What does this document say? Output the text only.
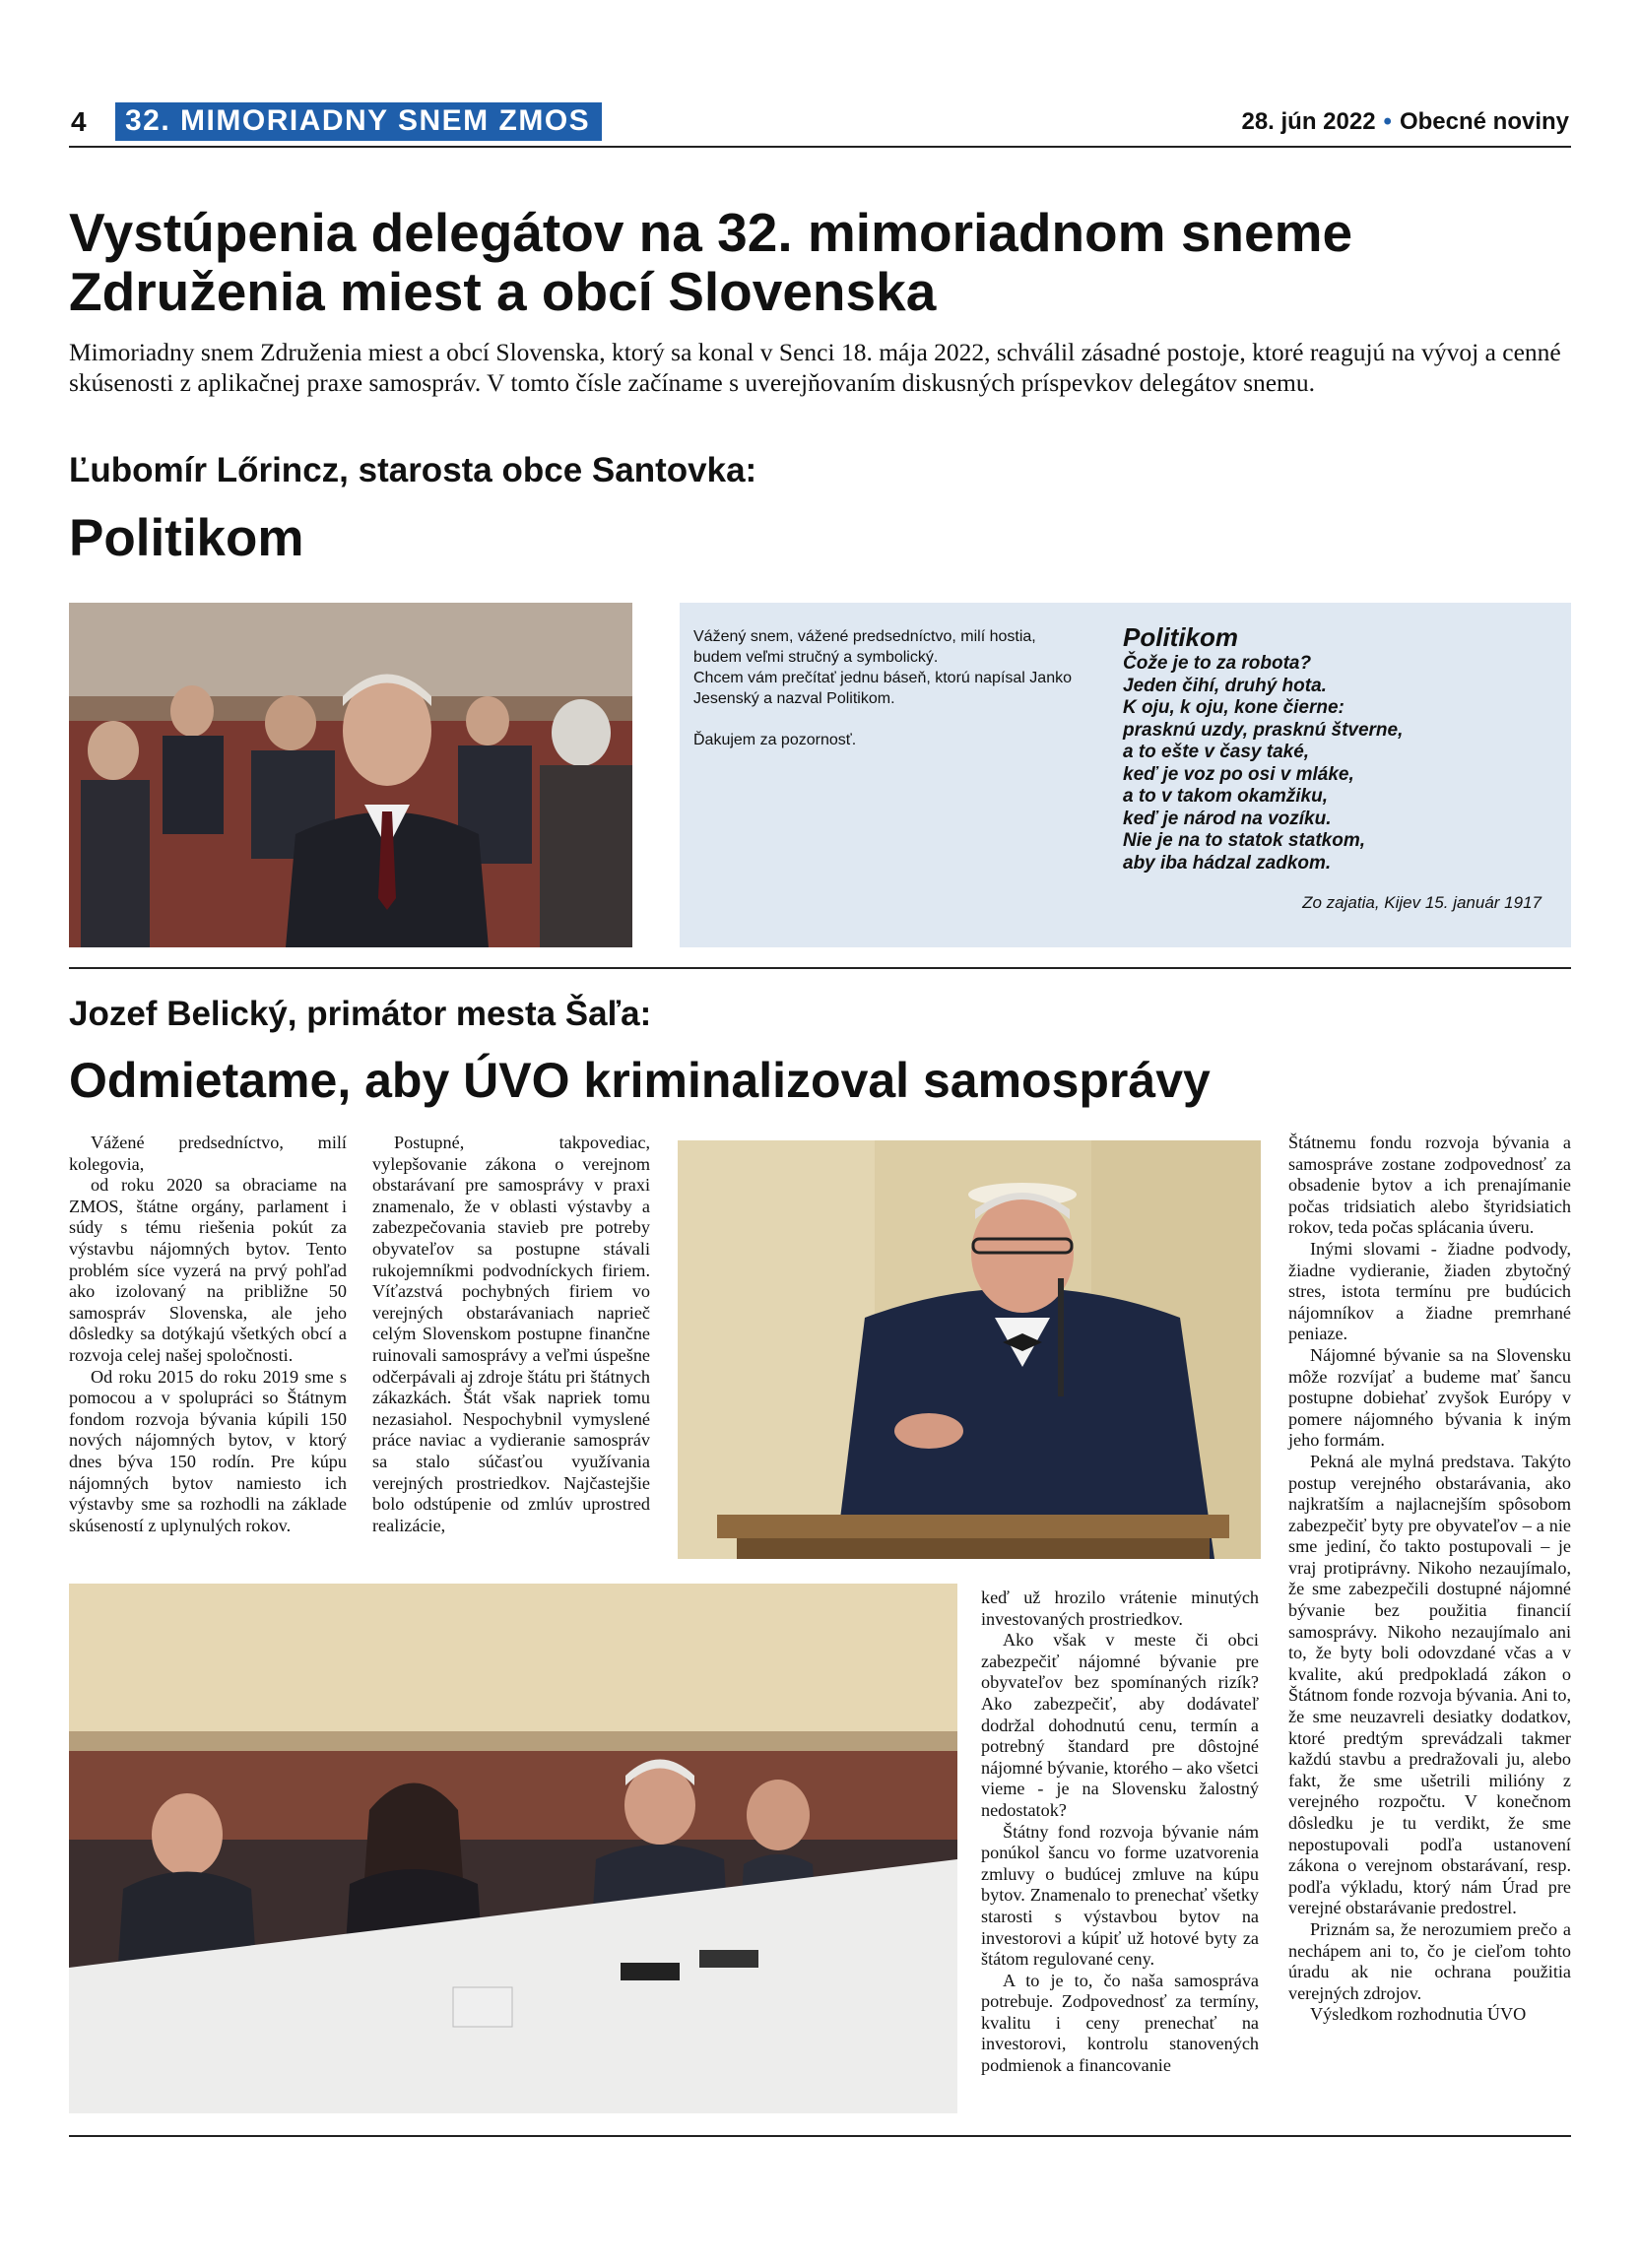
4	32. MIMORIADNY SNEM ZMOS	28. jún 2022 • Obecné noviny
Vystúpenia delegátov na 32. mimoriadnom sneme Združenia miest a obcí Slovenska
Mimoriadny snem Združenia miest a obcí Slovenska, ktorý sa konal v Senci 18. mája 2022, schválil zásadné postoje, ktoré reagujú na vývoj a cenné skúsenosti z aplikačnej praxe samospráv. V tomto čísle začíname s uverejňovaním diskusných príspevkov delegátov snemu.
Ľubomír Lőrincz, starosta obce Santovka:
Politikom
Vážený snem, vážené predsedníctvo, milí hostia,
budem veľmi stručný a symbolický.
Chcem vám prečítať jednu báseň, ktorú napísal Janko Jesenský a nazval Politikom.
Ďakujem za pozornosť.
Politikom
Čože je to za robota?
Jeden čihí, druhý hota.
K oju, k oju, kone čierne:
prasknú uzdy, prasknú štverne,
a to ešte v časy také,
keď je voz po osi v mláke,
a to v takom okamžiku,
keď je národ na vozíku.
Nie je na to statok statkom,
aby iba hádzal zadkom.
Zo zajatia, Kijev 15. január 1917
Jozef Belický, primátor mesta Šaľa:
Odmietame, aby ÚVO kriminalizoval samosprávy

Vážené predsedníctvo, milí kolegovia,

od roku 2020 sa obraciame na ZMOS, štátne orgány, parlament i súdy s tému riešenia pokút za výstavbu nájomných bytov. Tento problém síce vyzerá na prvý pohľad ako izolovaný na približne 50 samospráv Slovenska, ale jeho dôsledky sa dotýkajú všetkých obcí a rozvoja celej našej spoločnosti.

Od roku 2015 do roku 2019 sme s pomocou a v spolupráci so Štátnym fondom rozvoja bývania kúpili 150 nových nájomných bytov, v ktorý dnes býva 150 rodín. Pre kúpu nájomných bytov namiesto ich výstavby sme sa rozhodli na základe skúseností z uplynulých rokov.

Postupné, takpovediac, vylepšovanie zákona o verejnom obstarávaní pre samosprávy v praxi znamenalo, že v oblasti výstavby a zabezpečovania stavieb pre potreby obyvateľov sa postupne stávali rukojemníkmi podvodníckych firiem. Víťazstvá pochybných firiem vo verejných obstarávaniach naprieč celým Slovenskom postupne finančne ruinovali samosprávy a veľmi úspešne odčerpávali aj zdroje štátu pri štátnych zákazkách. Štát však napriek tomu nezasiahol. Nespochybnil vymyslené práce naviac a vydieranie samospráv sa stalo súčasťou využívania verejných prostriedkov. Najčastejšie bolo odstúpenie od zmlúv uprostred realizácie,

keď už hrozilo vrátenie minutých investovaných prostriedkov.

Ako však v meste či obci zabezpečiť nájomné bývanie pre obyvateľov bez spomínaných rizík? Ako zabezpečiť, aby dodávateľ dodržal dohodnutú cenu, termín a potrebný štandard pre dôstojné nájomné bývanie, ktorého – ako všetci vieme - je na Slovensku žalostný nedostatok?

Štátny fond rozvoja bývanie nám ponúkol šancu vo forme uzatvorenia zmluvy o budúcej zmluve na kúpu bytov. Znamenalo to prenechať všetky starosti s výstavbou bytov na investorovi a kúpiť už hotové byty za štátom regulované ceny.

A to je to, čo naša samospráva potrebuje. Zodpovednosť za termíny, kvalitu i ceny prenechať na investorovi, kontrolu stanovených podmienok a financovanie

Štátnemu fondu rozvoja bývania a samospráve zostane zodpovednosť za obsadenie bytov a ich prenajímanie počas tridsiatich alebo štyridsiatich rokov, teda počas splácania úveru.

Inými slovami - žiadne podvody, žiadne vydieranie, žiaden zbytočný stres, istota termínu pre budúcich nájomníkov a žiadne premrhané peniaze.

Nájomné bývanie sa na Slovensku môže rozvíjať a budeme mať šancu postupne dobiehať zvyšok Európy v pomere nájomného bývania k iným jeho formám.

Pekná ale mylná predstava. Takýto postup verejného obstarávania, ako najkratším a najlacnejším spôsobom zabezpečiť byty pre obyvateľov – a nie sme jediní, čo takto postupovali – je vraj protiprávny. Nikoho nezaujímalo, že sme zabezpečili dostupné nájomné bývanie bez použitia financií samosprávy. Nikoho nezaujímalo ani to, že byty boli odovzdané včas a v kvalite, akú predpokladá zákon o Štátnom fonde rozvoja bývania. Ani to, že sme neuzavreli desiatky dodatkov, ktoré predtým sprevádzali takmer každú stavbu a predražovali ju, alebo fakt, že sme ušetrili milióny z verejného rozpočtu. V konečnom dôsledku je tu verdikt, že sme nepostupovali podľa ustanovení zákona o verejnom obstarávaní, resp. podľa výkladu, ktorý nám Úrad pre verejné obstarávanie predostrel.

Priznám sa, že nerozumiem prečo a nechápem ani to, čo je cieľom tohto úradu ak nie ochrana použitia verejných zdrojov.

Výsledkom rozhodnutia ÚVO
